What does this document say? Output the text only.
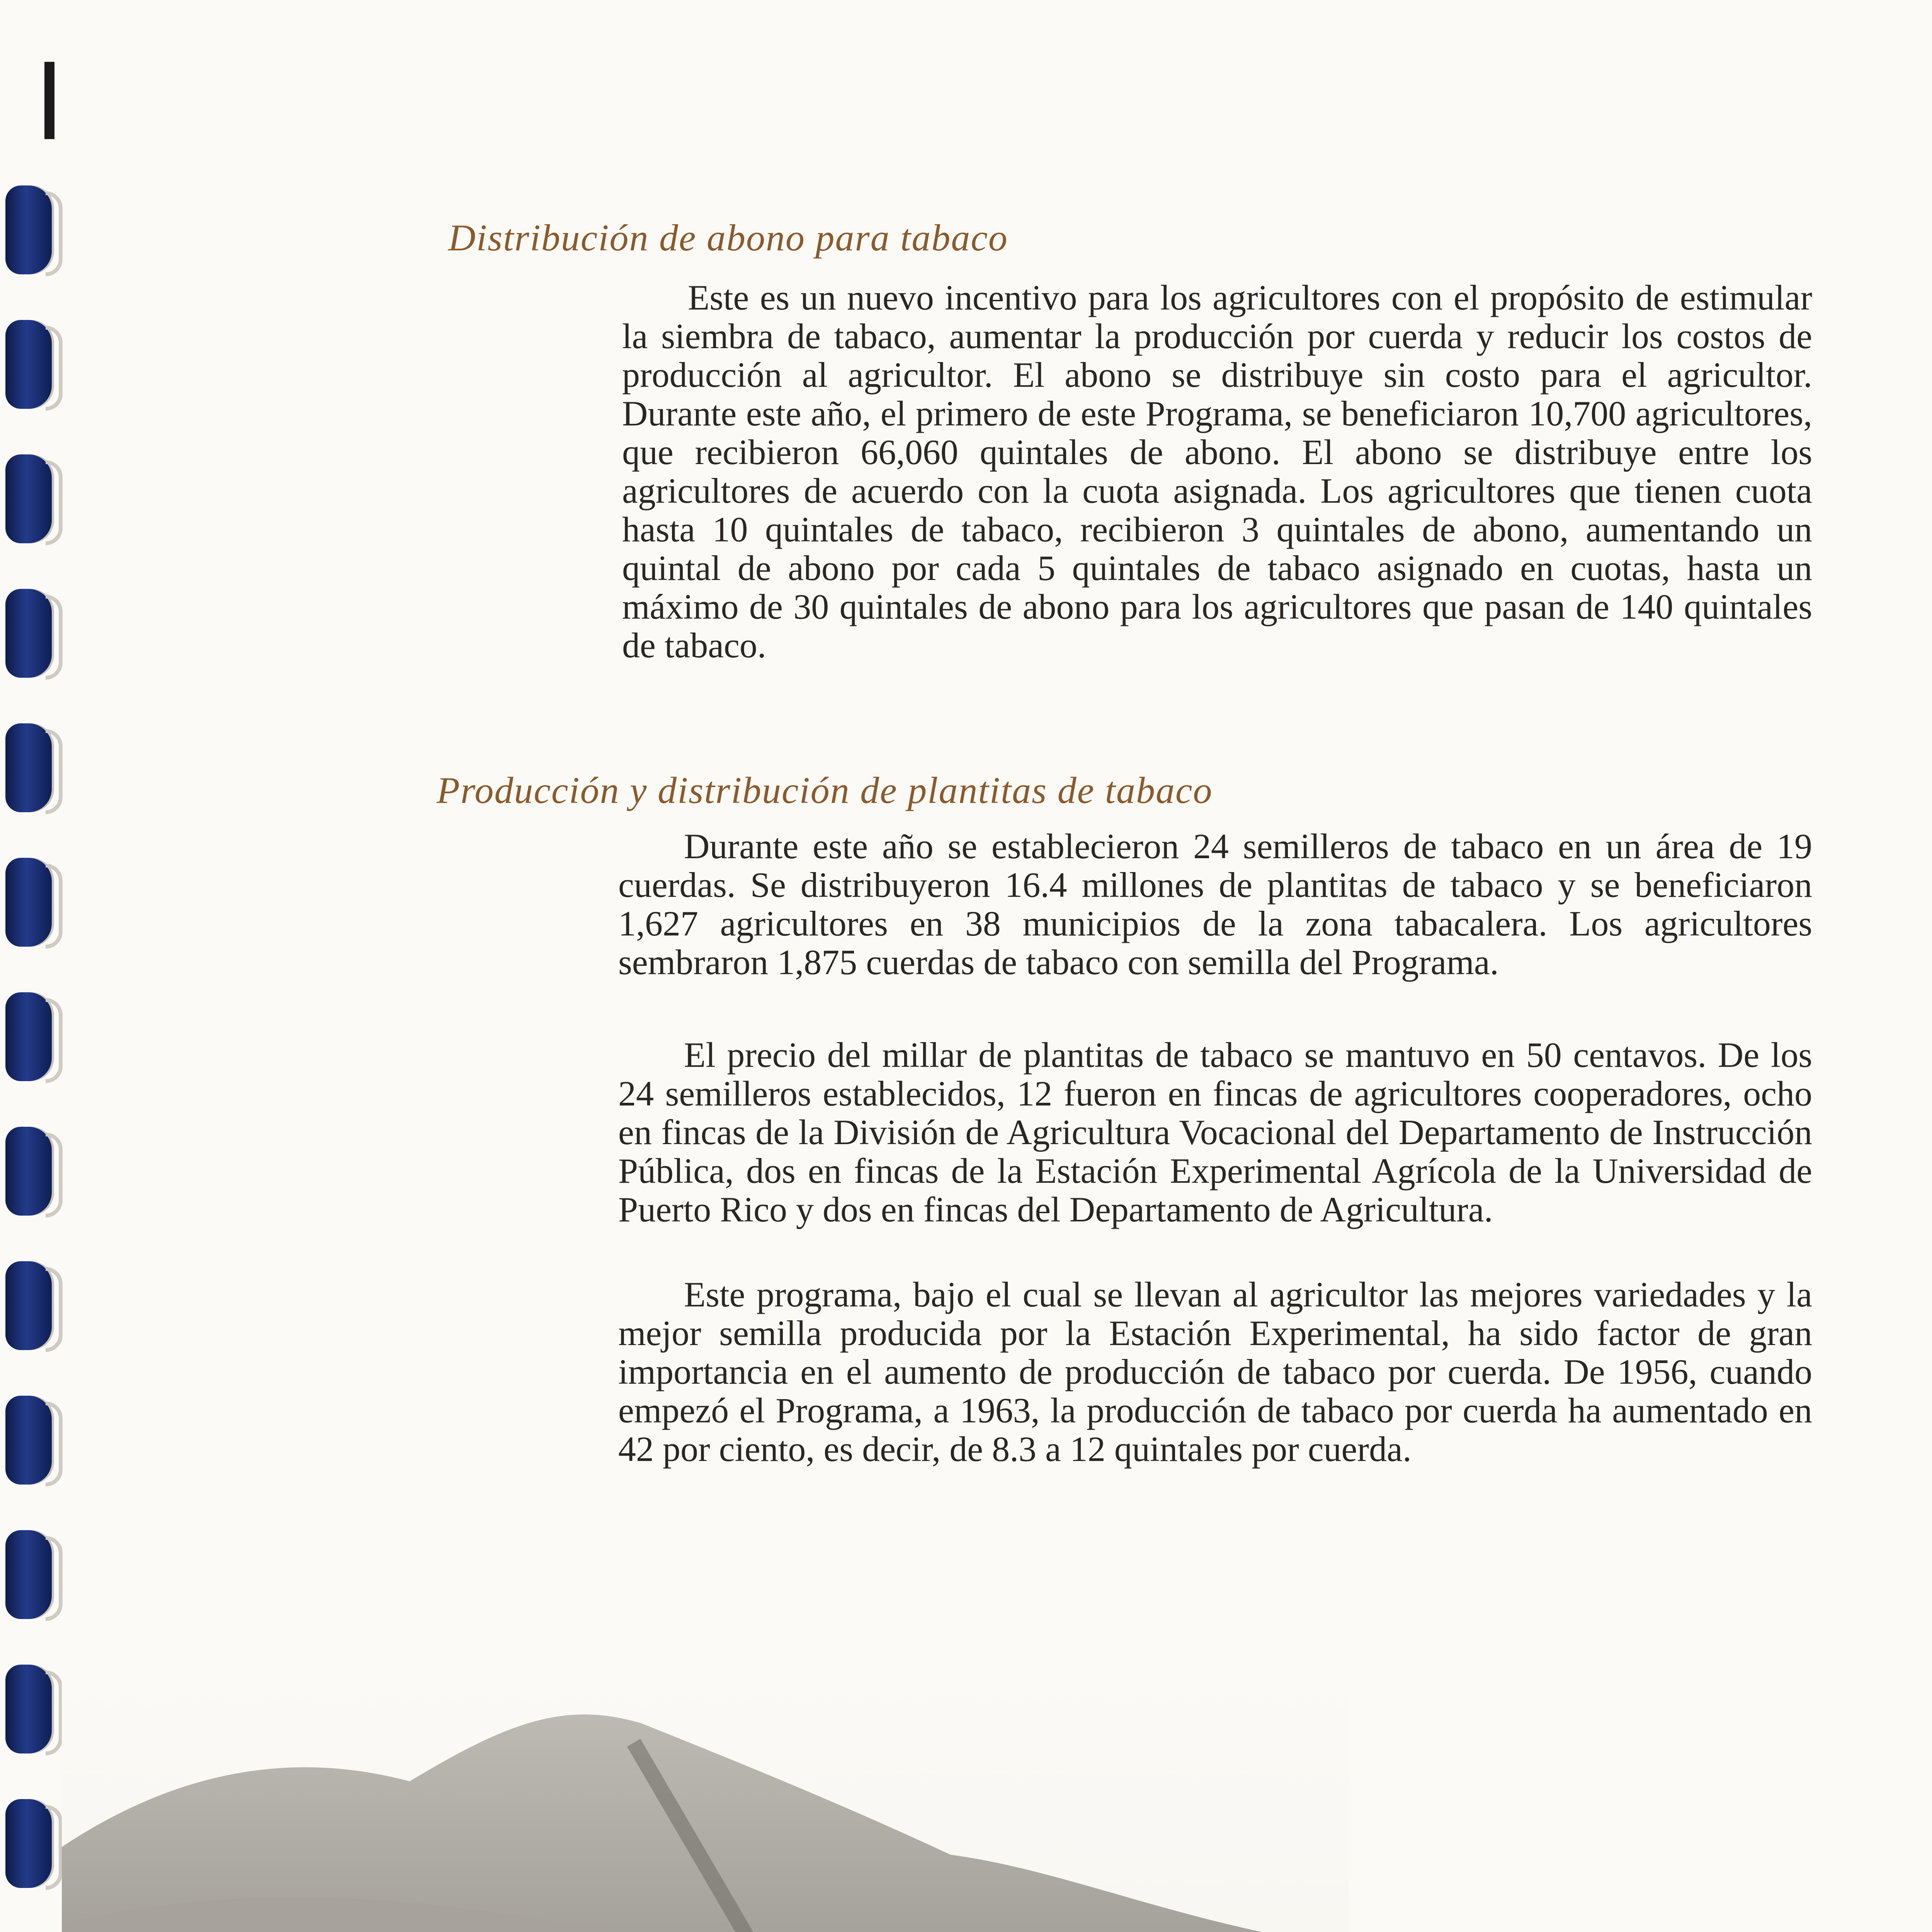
Distribución de abono para tabaco

Este es un nuevo incentivo para los agricultores con el propósito de estimular la siembra de tabaco, aumentar la producción por cuerda y reducir los costos de producción al agricultor. El abono se distribuye sin costo para el agricultor. Durante este año, el primero de este Programa, se beneficiaron 10,700 agricultores, que recibieron 66,060 quintales de abono. El abono se distribuye entre los agricultores de acuerdo con la cuota asignada. Los agricultores que tienen cuota hasta 10 quintales de tabaco, recibieron 3 quintales de abono, aumentando un quintal de abono por cada 5 quintales de tabaco asignado en cuotas, hasta un máximo de 30 quintales de abono para los agricultores que pasan de 140 quintales de tabaco.

Producción y distribución de plantitas de tabaco

Durante este año se establecieron 24 semilleros de tabaco en un área de 19 cuerdas. Se distribuyeron 16.4 millones de plantitas de tabaco y se beneficiaron 1,627 agricultores en 38 municipios de la zona tabacalera. Los agricultores sembraron 1,875 cuerdas de tabaco con semilla del Programa.

El precio del millar de plantitas de tabaco se mantuvo en 50 centavos. De los 24 semilleros establecidos, 12 fueron en fincas de agricultores cooperadores, ocho en fincas de la División de Agricultura Vocacional del Departamento de Instrucción Pública, dos en fincas de la Estación Experimental Agrícola de la Universidad de Puerto Rico y dos en fincas del Departamento de Agricultura.

Este programa, bajo el cual se llevan al agricultor las mejores variedades y la mejor semilla producida por la Estación Experimental, ha sido factor de gran importancia en el aumento de producción de tabaco por cuerda. De 1956, cuando empezó el Programa, a 1963, la producción de tabaco por cuerda ha aumentado en 42 por ciento, es decir, de 8.3 a 12 quintales por cuerda.
